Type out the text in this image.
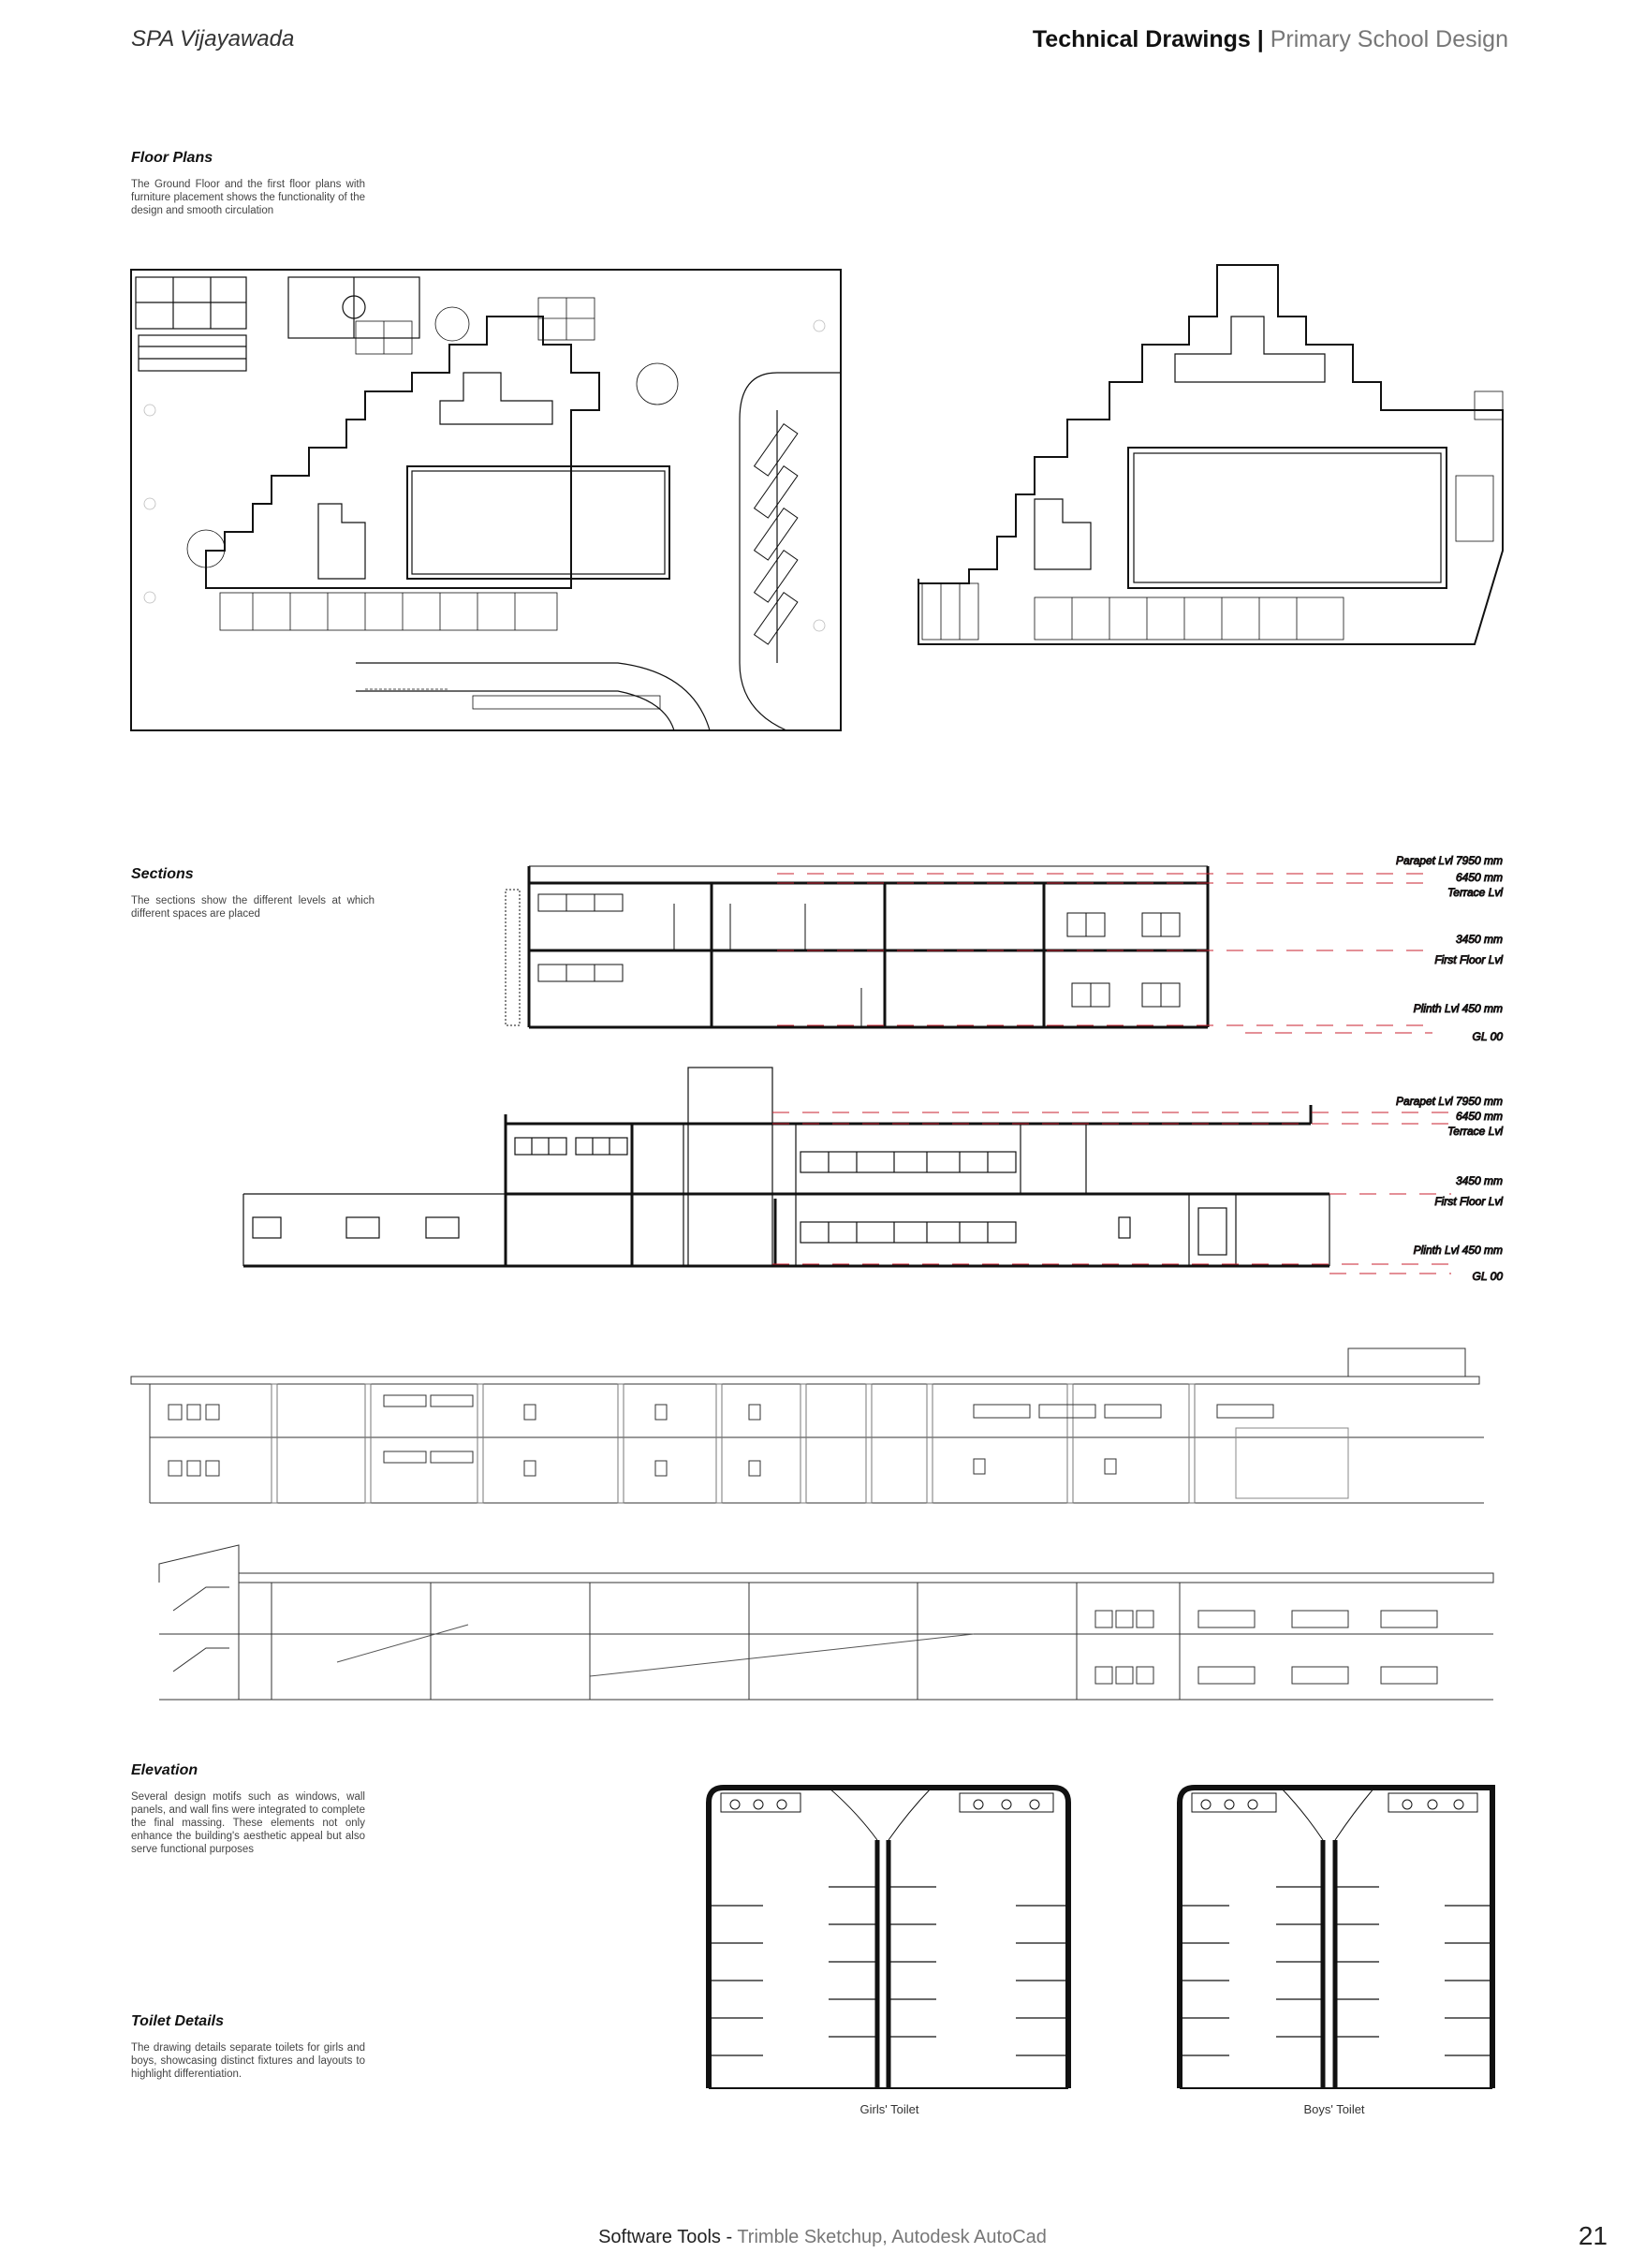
SPA Vijayawada	Technical Drawings | Primary School Design
Floor Plans
The Ground Floor and the first floor plans with furniture placement shows the functionality of the design and smooth circulation
Sections
The sections show the different levels at which different spaces are placed
Parapet Lvl 7950 mm
6450 mm
Terrace Lvl
3450 mm
First Floor Lvl
Plinth Lvl 450 mm
GL 00
Parapet Lvl 7950 mm
6450 mm
Terrace Lvl
3450 mm
First Floor Lvl
Plinth Lvl 450 mm
GL 00
Elevation
Several design motifs such as windows, wall panels, and wall fins were integrated to complete the final massing. These elements not only enhance the building's aesthetic appeal but also serve functional purposes
Toilet Details
The drawing details separate toilets for girls and boys, showcasing distinct fixtures and layouts to highlight differentiation.
Girls' Toilet	Boys' Toilet
Software Tools - Trimble Sketchup, Autodesk AutoCad	21
